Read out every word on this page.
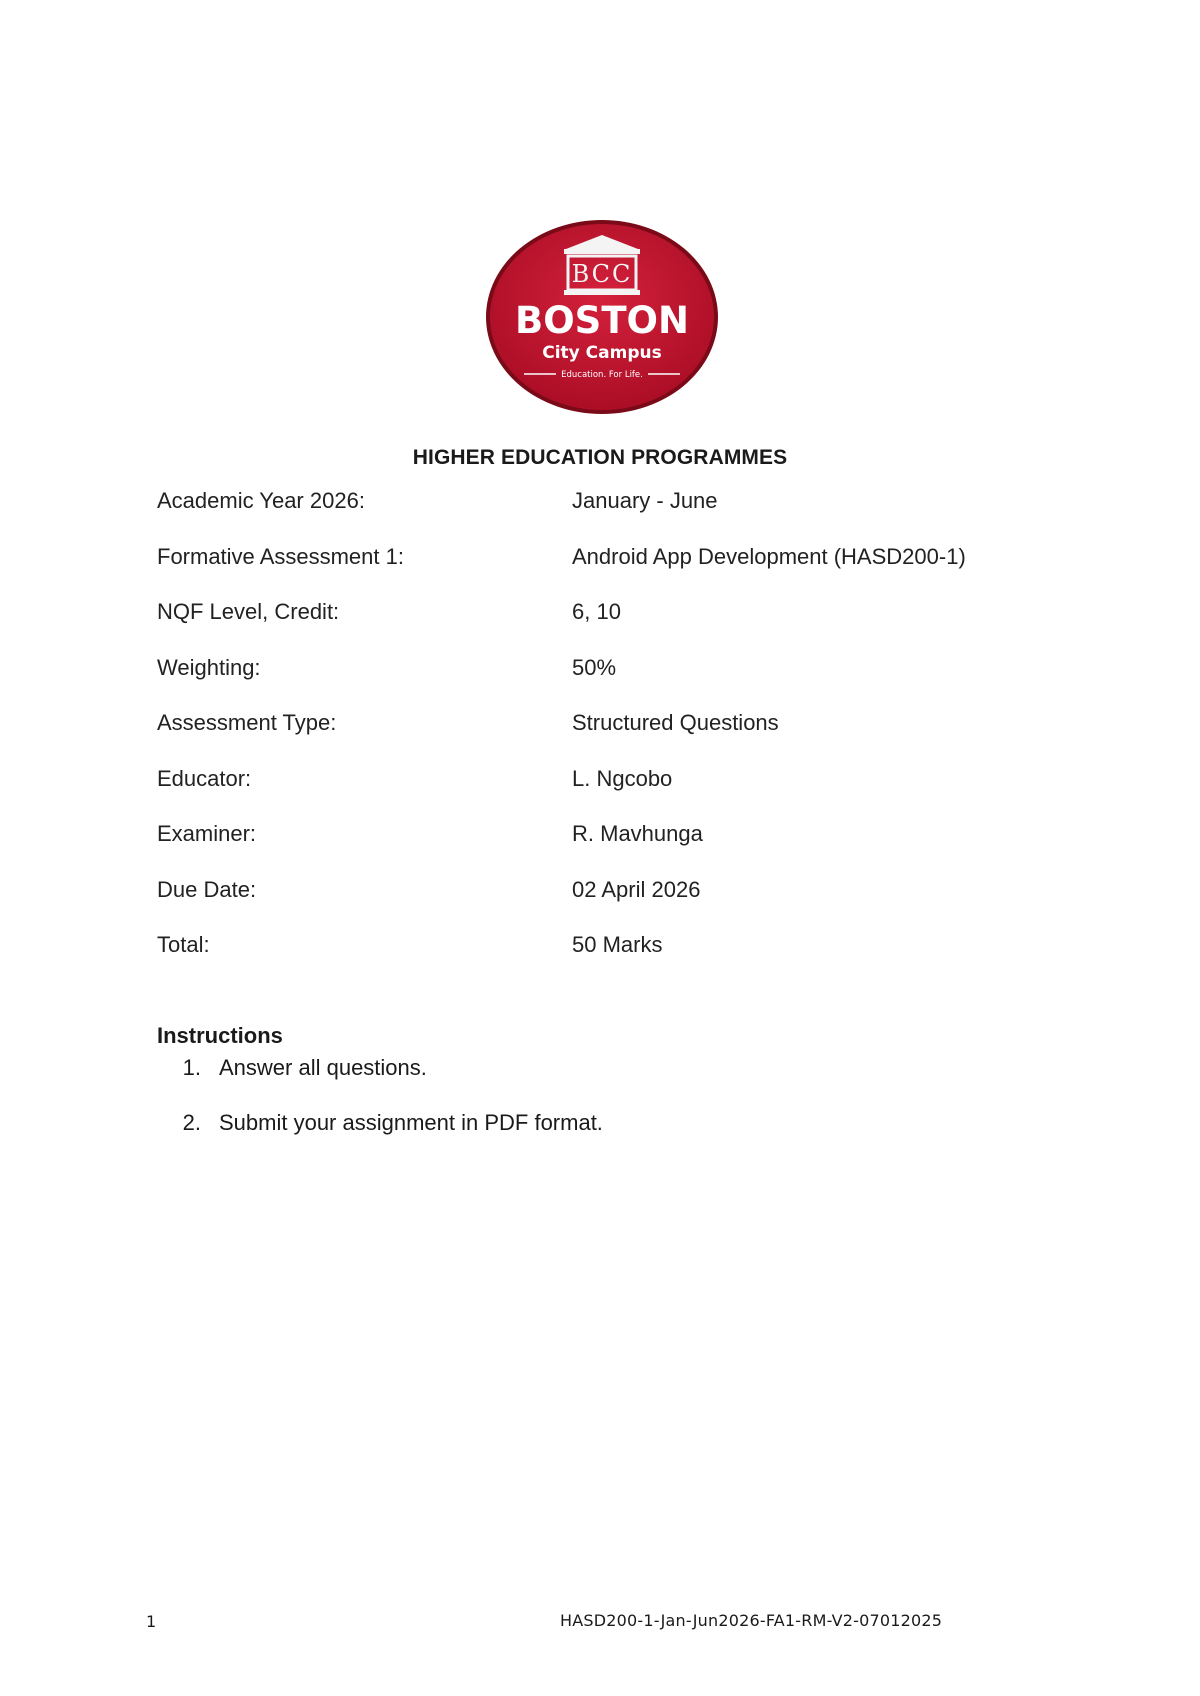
BCC
BOSTON
City Campus
Education. For Life.
HIGHER EDUCATION PROGRAMMES
Academic Year 2026:	January - June
Formative Assessment 1:	Android App Development (HASD200-1)
NQF Level, Credit:	6, 10
Weighting:	50%
Assessment Type:	Structured Questions
Educator:	L. Ngcobo
Examiner:	R. Mavhunga
Due Date:	02 April 2026
Total:	50 Marks
Instructions
1. Answer all questions.
2. Submit your assignment in PDF format.
1	HASD200-1-Jan-Jun2026-FA1-RM-V2-07012025
